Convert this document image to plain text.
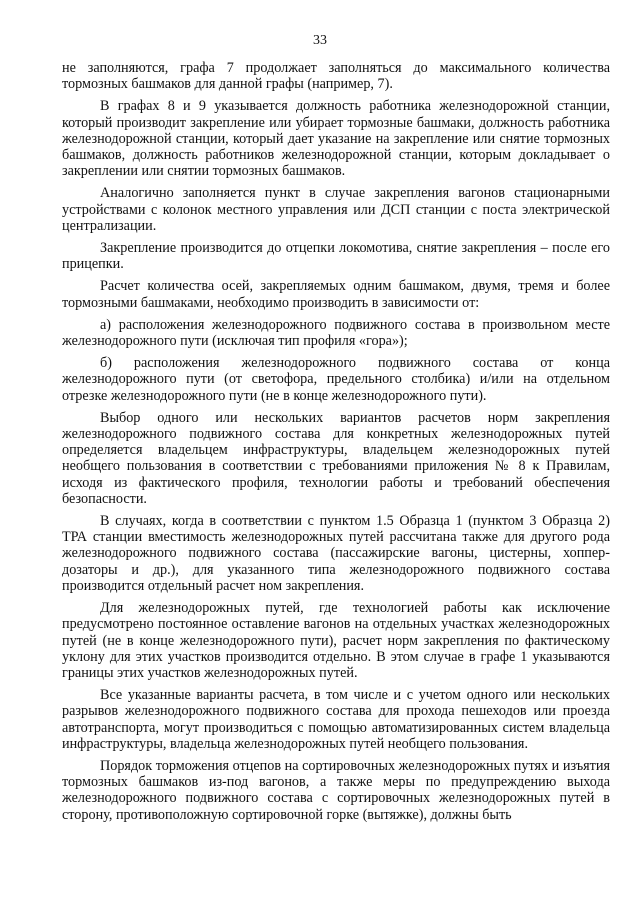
33

не заполняются, графа 7 продолжает заполняться до максимального количества тормозных башмаков для данной графы (например, 7).

В графах 8 и 9 указывается должность работника железнодорожной станции, который производит закрепление или убирает тормозные башмаки, должность работника железнодорожной станции, который дает указание на закрепление или снятие тормозных башмаков, должность работников железнодорожной станции, которым докладывает о закреплении или снятии тормозных башмаков.

Аналогично заполняется пункт в случае закрепления вагонов стационарными устройствами с колонок местного управления или ДСП станции с поста электрической централизации.

Закрепление производится до отцепки локомотива, снятие закрепления – после его прицепки.

Расчет количества осей, закрепляемых одним башмаком, двумя, тремя и более тормозными башмаками, необходимо производить в зависимости от:

а) расположения железнодорожного подвижного состава в произвольном месте железнодорожного пути (исключая тип профиля «гора»);

б) расположения железнодорожного подвижного состава от конца железнодорожного пути (от светофора, предельного столбика) и/или на отдельном отрезке железнодорожного пути (не в конце железнодорожного пути).

Выбор одного или нескольких вариантов расчетов норм закрепления железнодорожного подвижного состава для конкретных железнодорожных путей определяется владельцем инфраструктуры, владельцем железнодорожных путей необщего пользования в соответствии с требованиями приложения № 8 к Правилам, исходя из фактического профиля, технологии работы и требований обеспечения безопасности.

В случаях, когда в соответствии с пунктом 1.5 Образца 1 (пунктом 3 Образца 2) ТРА станции вместимость железнодорожных путей рассчитана также для другого рода железнодорожного подвижного состава (пассажирские вагоны, цистерны, хоппер-дозаторы и др.), для указанного типа железнодорожного подвижного состава производится отдельный расчет ном закрепления.

Для железнодорожных путей, где технологией работы как исключение предусмотрено постоянное оставление вагонов на отдельных участках железнодорожных путей (не в конце железнодорожного пути), расчет норм закрепления по фактическому уклону для этих участков производится отдельно. В этом случае в графе 1 указываются границы этих участков железнодорожных путей.

Все указанные варианты расчета, в том числе и с учетом одного или нескольких разрывов железнодорожного подвижного состава для прохода пешеходов или проезда автотранспорта, могут производиться с помощью автоматизированных систем владельца инфраструктуры, владельца железнодорожных путей необщего пользования.

Порядок торможения отцепов на сортировочных железнодорожных путях и изъятия тормозных башмаков из-под вагонов, а также меры по предупреждению выхода железнодорожного подвижного состава с сортировочных железнодорожных путей в сторону, противоположную сортировочной горке (вытяжке), должны быть
